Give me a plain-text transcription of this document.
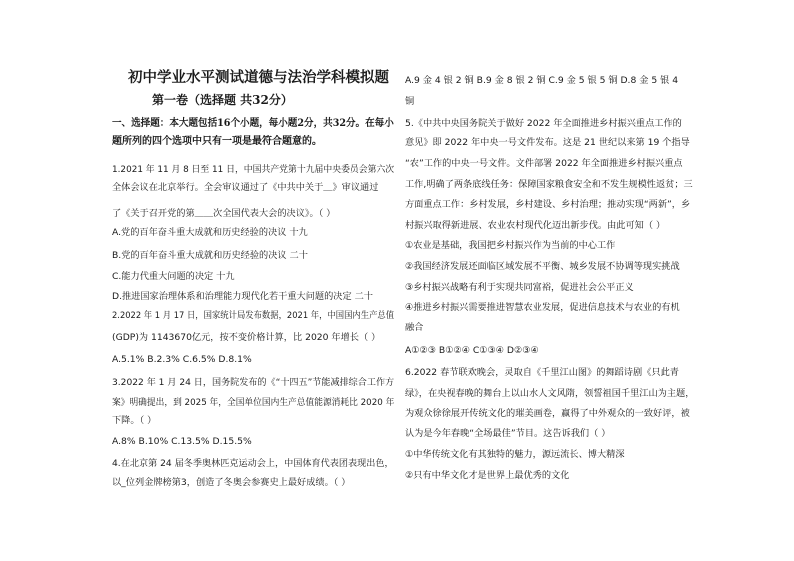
初中学业水平测试道德与法治学科模拟题
第一卷（选择题 共32分）
一、选择题：本大题包括16个小题，每小题2分，共32分。在每小
题所列的四个选项中只有一项是最符合题意的。
1.2021 年 11 月 8 日至 11 日，中国共产党第十九届中央委员会第六次
全体会议在北京举行。全会审议通过了《中共中关于＿》审议通过
了《关于召开党的第＿＿次全国代表大会的决议》。（ ）
A.党的百年奋斗重大成就和历史经验的决议 十九
B.党的百年奋斗重大成就和历史经验的决议 二十
C.能力代重大问题的决定 十九
D.推进国家治理体系和治理能力现代化若干重大问题的决定 二十
2.2022 年 1 月 17 日，国家统计局发布数据，2021 年，中国国内生产总值
(GDP)为 1143670亿元，按不变价格计算，比 2020 年增长（ ）
A.5.1% B.2.3% C.6.5% D.8.1%
3.2022 年 1 月 24 日，国务院发布的《“十四五”节能减排综合工作方
案》明确提出，到 2025 年，全国单位国内生产总值能源消耗比 2020 年
下降。（ ）
A.8% B.10% C.13.5% D.15.5%
4.在北京第 24 届冬季奥林匹克运动会上，中国体育代表团表现出色，
以_位列金牌榜第3，创造了冬奥会参赛史上最好成绩。（ ）
A.9 金 4 银 2 铜 B.9 金 8 银 2 铜 C.9 金 5 银 5 铜 D.8 金 5 银 4
铜
5.《中共中央国务院关于做好 2022 年全面推进乡村振兴重点工作的
意见》即 2022 年中央一号文件发布。这是 21 世纪以来第 19 个指导
“农”工作的中央一号文件。文件部署 2022 年全面推进乡村振兴重点
工作,明确了两条底线任务：保障国家粮食安全和不发生规模性返贫；三
方面重点工作：乡村发展，乡村建设、乡村治理；推动实现“两新”，乡
村振兴取得新进展、农业农村现代化迈出新步伐。由此可知（ ）
①农业是基础，我国把乡村振兴作为当前的中心工作
②我国经济发展还面临区域发展不平衡、城乡发展不协调等现实挑战
③乡村振兴战略有利于实现共同富裕，促进社会公平正义
④推进乡村振兴需要推进智慧农业发展，促进信息技术与农业的有机
融合
A①②③ B①②④ C①③④ D②③④
6.2022 春节联欢晚会，灵取自《千里江山图》的舞蹈诗剧《只此青
绿》，在央视春晚的舞台上以山水人文风隋，领誓祖国千里江山为主题，
为观众徐徐展开传统文化的璀美画卷，赢得了中外观众的一致好评，被
认为是今年春晚“全场最佳”节目。这告诉我们（ ）
①中华传统文化有其独特的魅力，源远流长、博大精深
②只有中华文化才是世界上最优秀的文化
